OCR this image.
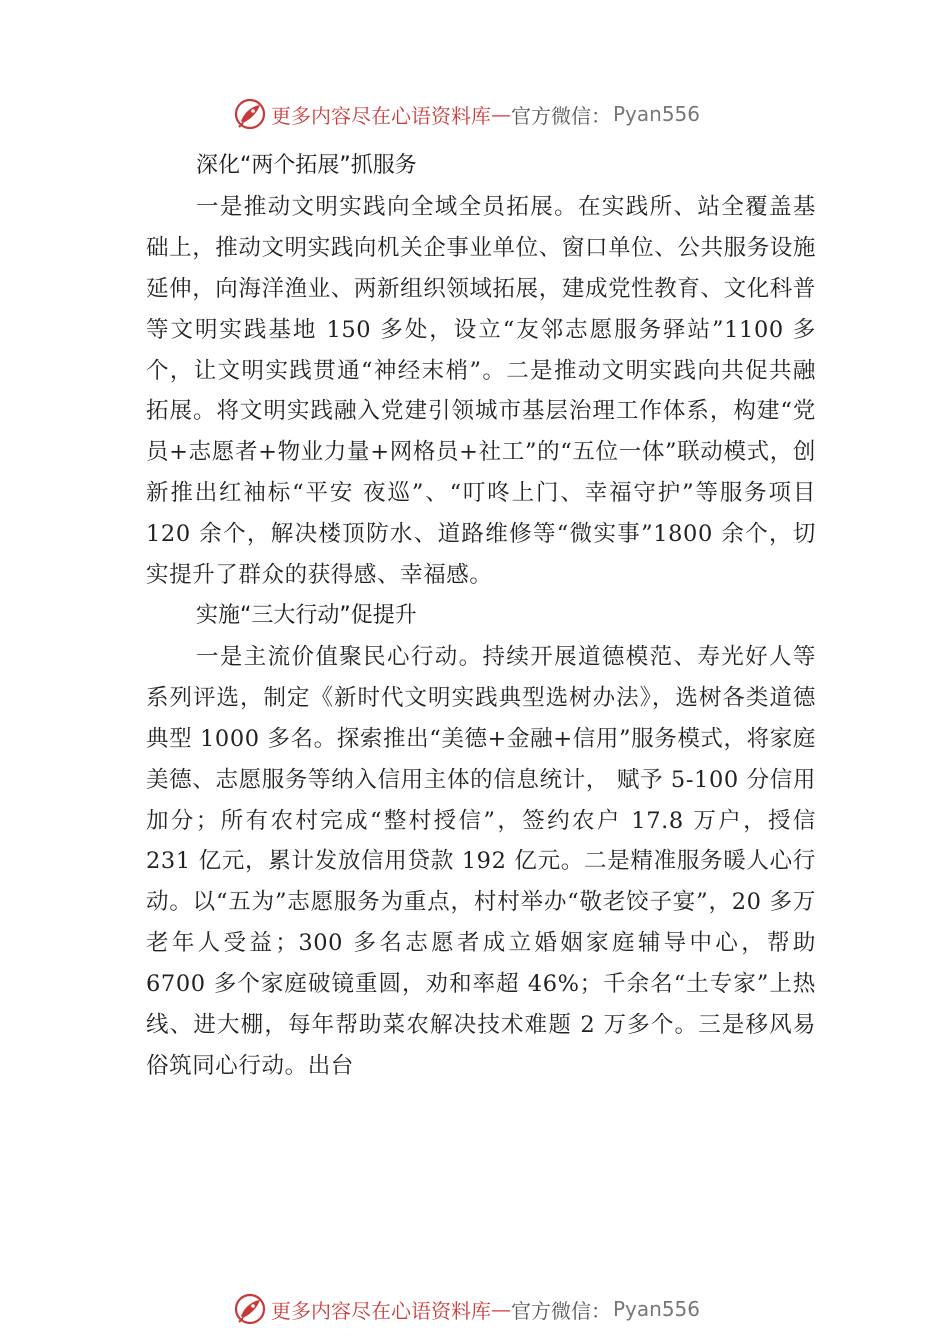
更多内容尽在心语资料库 — 官方微信： Pyan556
深化“两个拓展”抓服务

一是推动文明实践向全域全员拓展。在实践所、站全覆盖基础上，推动文明实践向机关企事业单位、窗口单位、公共服务设施延伸，向海洋渔业、两新组织领域拓展，建成党性教育、文化科普等文明实践基地 150 多处，设立“友邻志愿服务驿站”1100 多个，让文明实践贯通“神经末梢”。二是推动文明实践向共促共融拓展。将文明实践融入党建引领城市基层治理工作体系，构建“党员+志愿者+物业力量+网格员+社工”的“五位一体”联动模式，创新推出红袖标“平安 夜巡”、“叮咚上门、幸福守护”等服务项目 120 余个，解决楼顶防水、道路维修等“微实事”1800 余个，切实提升了群众的获得感、幸福感。

实施“三大行动”促提升

一是主流价值聚民心行动。持续开展道德模范、寿光好人等系列评选，制定《新时代文明实践典型选树办法》，选树各类道德典型 1000 多名。探索推出“美德+金融+信用”服务模式，将家庭美德、志愿服务等纳入信用主体的信息统计， 赋予 5-100 分信用加分；所有农村完成“整村授信”，签约农户 17.8 万户，授信 231 亿元，累计发放信用贷款 192 亿元。二是精准服务暖人心行动。以“五为”志愿服务为重点，村村举办“敬老饺子宴”，20 多万老年人受益；300 多名志愿者成立婚姻家庭辅导中心，帮助 6700 多个家庭破镜重圆，劝和率超 46%；千余名“土专家”上热线、进大棚，每年帮助菜农解决技术难题 2 万多个。三是移风易俗筑同心行动。出台

更多内容尽在心语资料库 — 官方微信： Pyan556
